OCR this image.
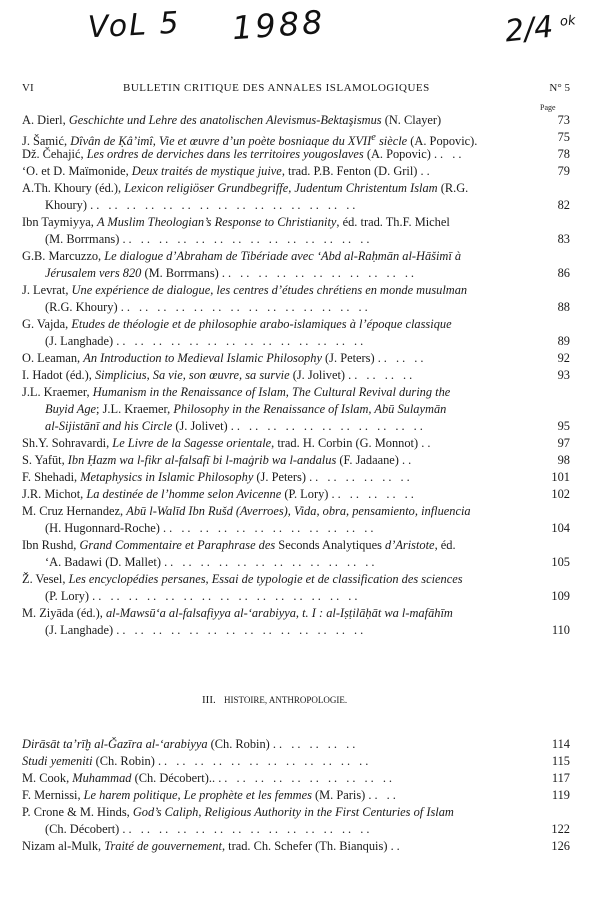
VoL 5 1988	2/4 ok
VI	BULLETIN CRITIQUE DES ANNALES ISLAMOLOGIQUES	N° 5
Page
A. Dierl, Geschichte und Lehre des anatolischen Alevismus-Bektaşismus (N. Clayer)	73
J. Šamić, Dîvân de Ḳâ’imî, Vie et œuvre d’un poète bosniaque du XVIIe siècle (A. Popovic).	75
Dž. Čehajić, Les ordres de derviches dans les territoires yougoslaves (A. Popovic) .. ..	78
‘O. et D. Maïmonide, Deux traités de mystique juive, trad. P.B. Fenton (D. Gril) ..	79
A.Th. Khoury (éd.), Lexicon religiöser Grundbegriffe, Judentum Christentum Islam (R.G.
Khoury) .. .. .. .. .. .. .. .. .. .. .. .. .. .. ..	82
Ibn Taymiyya, A Muslim Theologian’s Response to Christianity, éd. trad. Th.F. Michel
(M. Borrmans) .. .. .. .. .. .. .. .. .. .. .. .. .. ..	83
G.B. Marcuzzo, Le dialogue d’Abraham de Tibériade avec ‘Abd al-Raḥmān al-Hāšimī à
Jérusalem vers 820 (M. Borrmans) .. .. .. .. .. .. .. .. .. .. ..	86
J. Levrat, Une expérience de dialogue, les centres d’études chrétiens en monde musulman
(R.G. Khoury) .. .. .. .. .. .. .. .. .. .. .. .. .. ..	88
G. Vajda, Etudes de théologie et de philosophie arabo-islamiques à l’époque classique
(J. Langhade) .. .. .. .. .. .. .. .. .. .. .. .. .. ..	89
O. Leaman, An Introduction to Medieval Islamic Philosophy (J. Peters) .. .. ..	92
I. Hadot (éd.), Simplicius, Sa vie, son œuvre, sa survie (J. Jolivet) .. .. .. ..	93
J.L. Kraemer, Humanism in the Renaissance of Islam, The Cultural Revival during the
Buyid Age; J.L. Kraemer, Philosophy in the Renaissance of Islam, Abū Sulaymān
al-Sijistānī and his Circle (J. Jolivet) .. .. .. .. .. .. .. .. .. .. ..	95
Sh.Y. Sohravardi, Le Livre de la Sagesse orientale, trad. H. Corbin (G. Monnot) ..	97
S. Yafūt, Ibn Ḥazm wa l-fikr al-falsafī bi l-maġrib wa l-andalus (F. Jadaane) ..	98
F. Shehadi, Metaphysics in Islamic Philosophy (J. Peters) .. .. .. .. .. ..	101
J.R. Michot, La destinée de l’homme selon Avicenne (P. Lory) .. .. .. .. ..	102
M. Cruz Hernandez, Abū l-Walīd Ibn Rušd (Averroes), Vida, obra, pensamiento, influencia
(H. Hugonnard-Roche) .. .. .. .. .. .. .. .. .. .. .. ..	104
Ibn Rushd, Grand Commentaire et Paraphrase des Seconds Analytiques d’Aristote, éd.
‘A. Badawi (D. Mallet) .. .. .. .. .. .. .. .. .. .. .. ..	105
Ž. Vesel, Les encyclopédies persanes, Essai de typologie et de classification des sciences
(P. Lory) .. .. .. .. .. .. .. .. .. .. .. .. .. .. ..	109
M. Ziyāda (éd.), al-Mawsū‘a al-falsafiyya al-‘arabiyya, t. I : al-Iṣṭilāḥāt wa l-mafāhīm
(J. Langhade) .. .. .. .. .. .. .. .. .. .. .. .. .. ..	110
III. HISTOIRE, ANTHROPOLOGIE.
Dirāsāt ta’rīḫ al-Ǧazīra al-‘arabiyya (Ch. Robin) .. .. .. .. ..	114
Studi yemeniti (Ch. Robin) .. .. .. .. .. .. .. .. .. .. .. ..	115
M. Cook, Muhammad (Ch. Décobert).. .. .. .. .. .. .. .. .. .. ..	117
F. Mernissi, Le harem politique, Le prophète et les femmes (M. Paris) .. ..	119
P. Crone & M. Hinds, God’s Caliph, Religious Authority in the First Centuries of Islam
(Ch. Décobert) .. .. .. .. .. .. .. .. .. .. .. .. .. ..	122
Nizam al-Mulk, Traité de gouvernement, trad. Ch. Schefer (Th. Bianquis) ..	126
